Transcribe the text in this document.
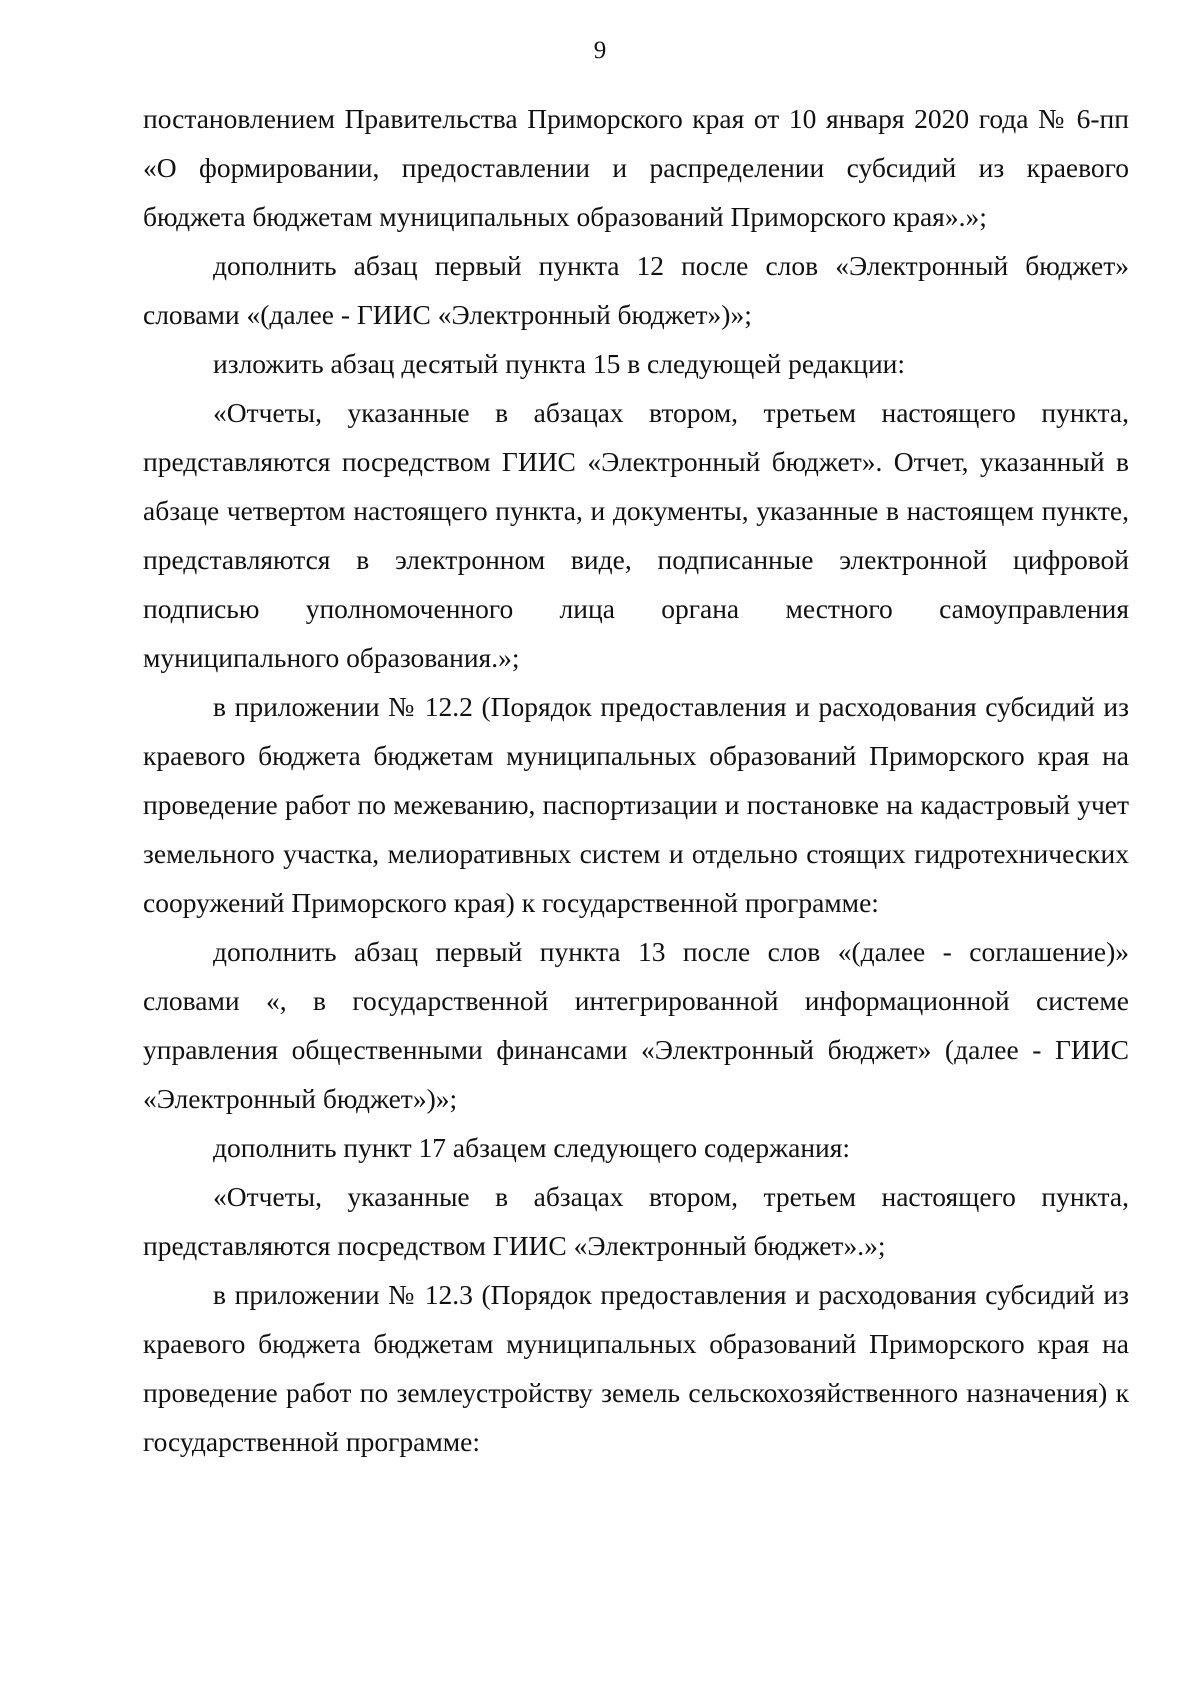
9

постановлением Правительства Приморского края от 10 января 2020 года № 6-пп «О формировании, предоставлении и распределении субсидий из краевого бюджета бюджетам муниципальных образований Приморского края».»;

дополнить абзац первый пункта 12 после слов «Электронный бюджет» словами «(далее - ГИИС «Электронный бюджет»)»;

изложить абзац десятый пункта 15 в следующей редакции:

«Отчеты, указанные в абзацах втором, третьем настоящего пункта, представляются посредством ГИИС «Электронный бюджет». Отчет, указанный в абзаце четвертом настоящего пункта, и документы, указанные в настоящем пункте, представляются в электронном виде, подписанные электронной цифровой подписью уполномоченного лица органа местного самоуправления муниципального образования.»;

в приложении № 12.2 (Порядок предоставления и расходования субсидий из краевого бюджета бюджетам муниципальных образований Приморского края на проведение работ по межеванию, паспортизации и постановке на кадастровый учет земельного участка, мелиоративных систем и отдельно стоящих гидротехнических сооружений Приморского края) к государственной программе:

дополнить абзац первый пункта 13 после слов «(далее - соглашение)» словами «, в государственной интегрированной информационной системе управления общественными финансами «Электронный бюджет» (далее - ГИИС «Электронный бюджет»)»;

дополнить пункт 17 абзацем следующего содержания:

«Отчеты, указанные в абзацах втором, третьем настоящего пункта, представляются посредством ГИИС «Электронный бюджет».»;

в приложении № 12.3 (Порядок предоставления и расходования субсидий из краевого бюджета бюджетам муниципальных образований Приморского края на проведение работ по землеустройству земель сельскохозяйственного назначения) к государственной программе:
